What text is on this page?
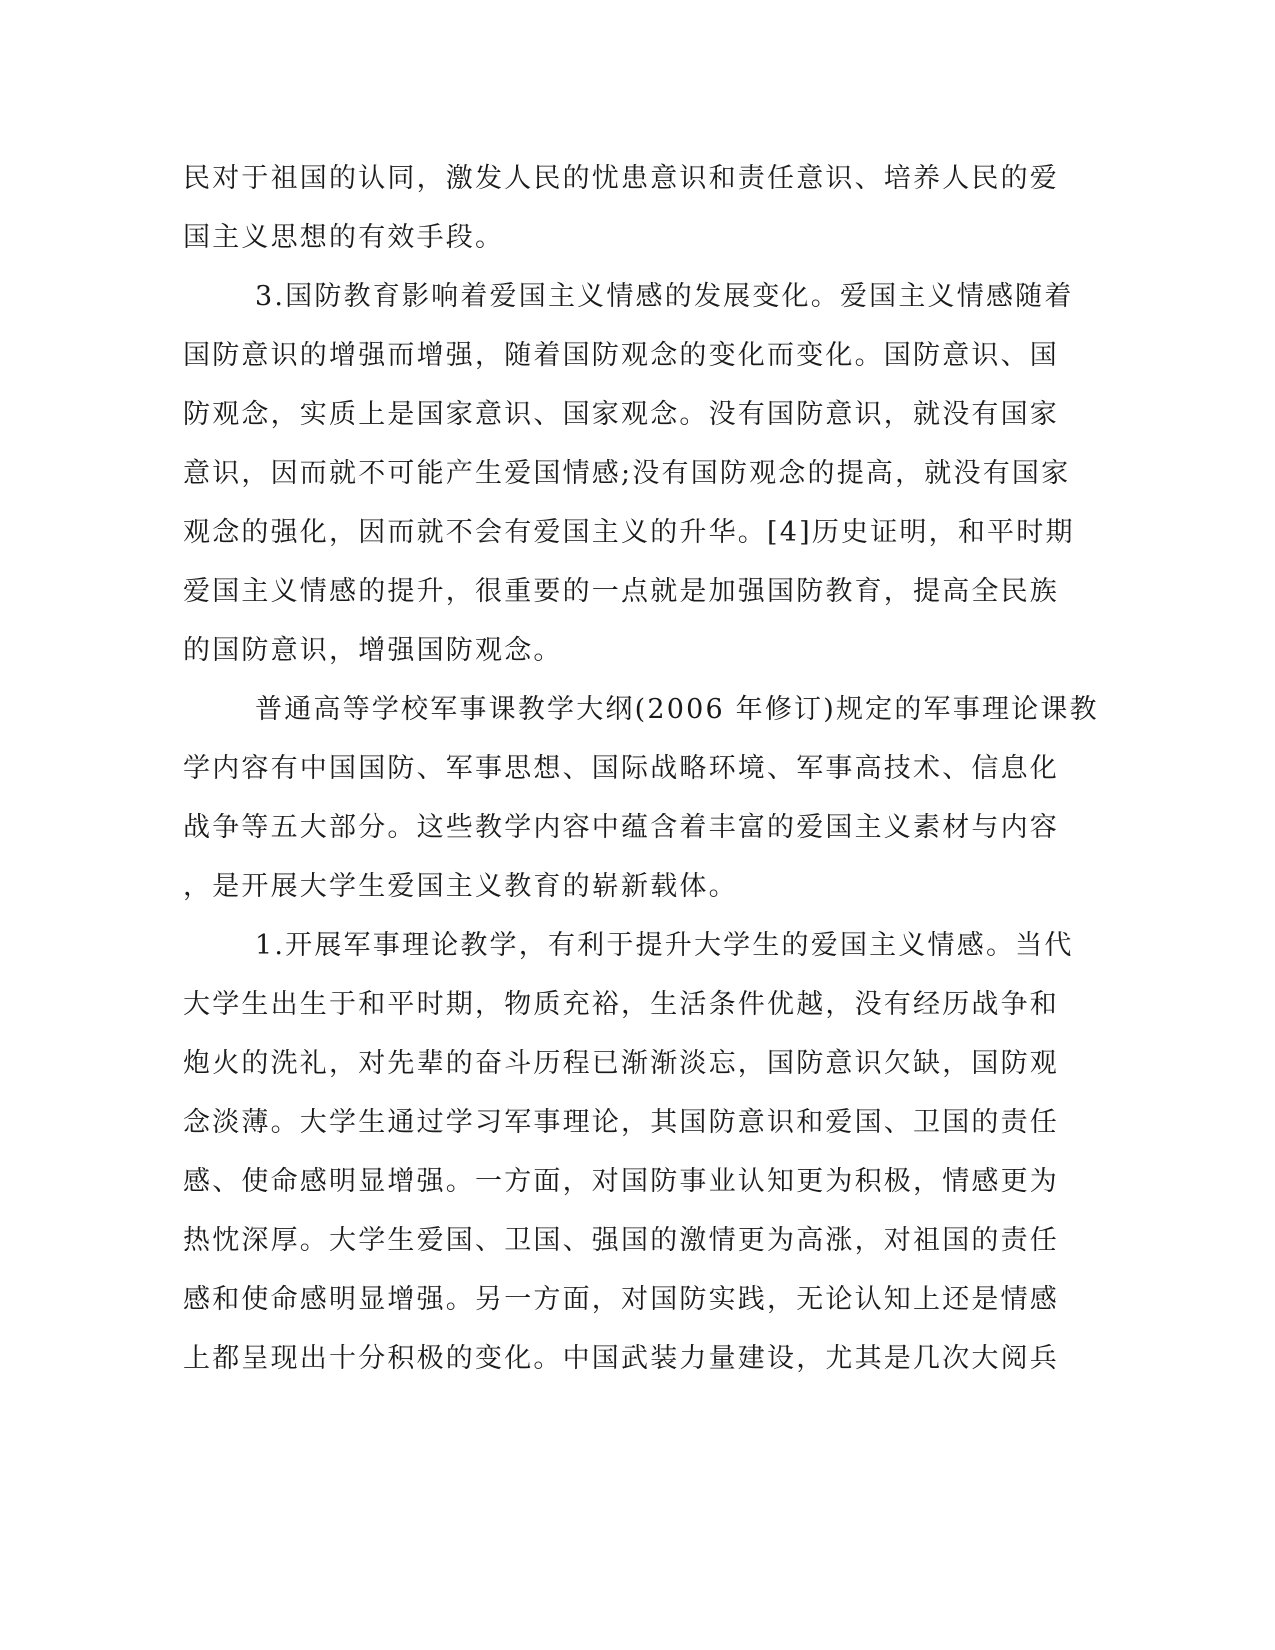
民对于祖国的认同，激发人民的忧患意识和责任意识、培养人民的爱
国主义思想的有效手段。
3.国防教育影响着爱国主义情感的发展变化。爱国主义情感随着
国防意识的增强而增强，随着国防观念的变化而变化。国防意识、国
防观念，实质上是国家意识、国家观念。没有国防意识，就没有国家
意识，因而就不可能产生爱国情感;没有国防观念的提高，就没有国家
观念的强化，因而就不会有爱国主义的升华。[4]历史证明，和平时期
爱国主义情感的提升，很重要的一点就是加强国防教育，提高全民族
的国防意识，增强国防观念。
普通高等学校军事课教学大纲(2006 年修订)规定的军事理论课教
学内容有中国国防、军事思想、国际战略环境、军事高技术、信息化
战争等五大部分。这些教学内容中蕴含着丰富的爱国主义素材与内容
，是开展大学生爱国主义教育的崭新载体。
1.开展军事理论教学，有利于提升大学生的爱国主义情感。当代
大学生出生于和平时期，物质充裕，生活条件优越，没有经历战争和
炮火的洗礼，对先辈的奋斗历程已渐渐淡忘，国防意识欠缺，国防观
念淡薄。大学生通过学习军事理论，其国防意识和爱国、卫国的责任
感、使命感明显增强。一方面，对国防事业认知更为积极，情感更为
热忱深厚。大学生爱国、卫国、强国的激情更为高涨，对祖国的责任
感和使命感明显增强。另一方面，对国防实践，无论认知上还是情感
上都呈现出十分积极的变化。中国武装力量建设，尤其是几次大阅兵
